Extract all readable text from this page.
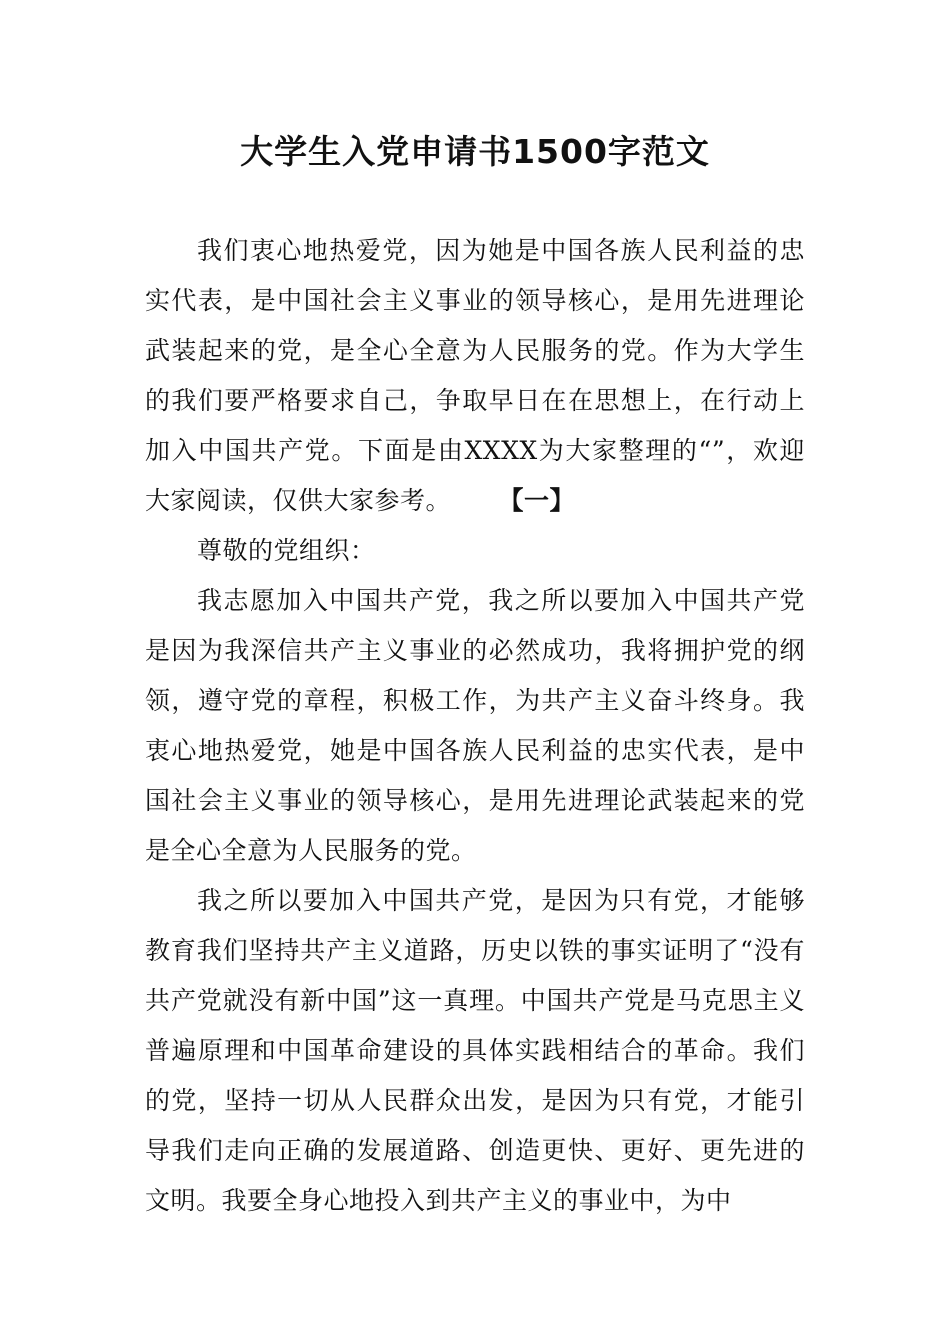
大学生入党申请书1500字范文

我们衷心地热爱党，因为她是中国各族人民利益的忠实代表，是中国社会主义事业的领导核心，是用先进理论武装起来的党，是全心全意为人民服务的党。作为大学生的我们要严格要求自己，争取早日在在思想上，在行动上加入中国共产党。下面是由XXXX为大家整理的“”，欢迎大家阅读，仅供大家参考。 【一】

尊敬的党组织：

我志愿加入中国共产党，我之所以要加入中国共产党是因为我深信共产主义事业的必然成功，我将拥护党的纲领，遵守党的章程，积极工作，为共产主义奋斗终身。我衷心地热爱党，她是中国各族人民利益的忠实代表，是中国社会主义事业的领导核心，是用先进理论武装起来的党是全心全意为人民服务的党。

我之所以要加入中国共产党，是因为只有党，才能够教育我们坚持共产主义道路，历史以铁的事实证明了“没有共产党就没有新中国”这一真理。中国共产党是马克思主义普遍原理和中国革命建设的具体实践相结合的革命。我们的党，坚持一切从人民群众出发，是因为只有党，才能引导我们走向正确的发展道路、创造更快、更好、更先进的文明。我要全身心地投入到共产主义的事业中，为中
